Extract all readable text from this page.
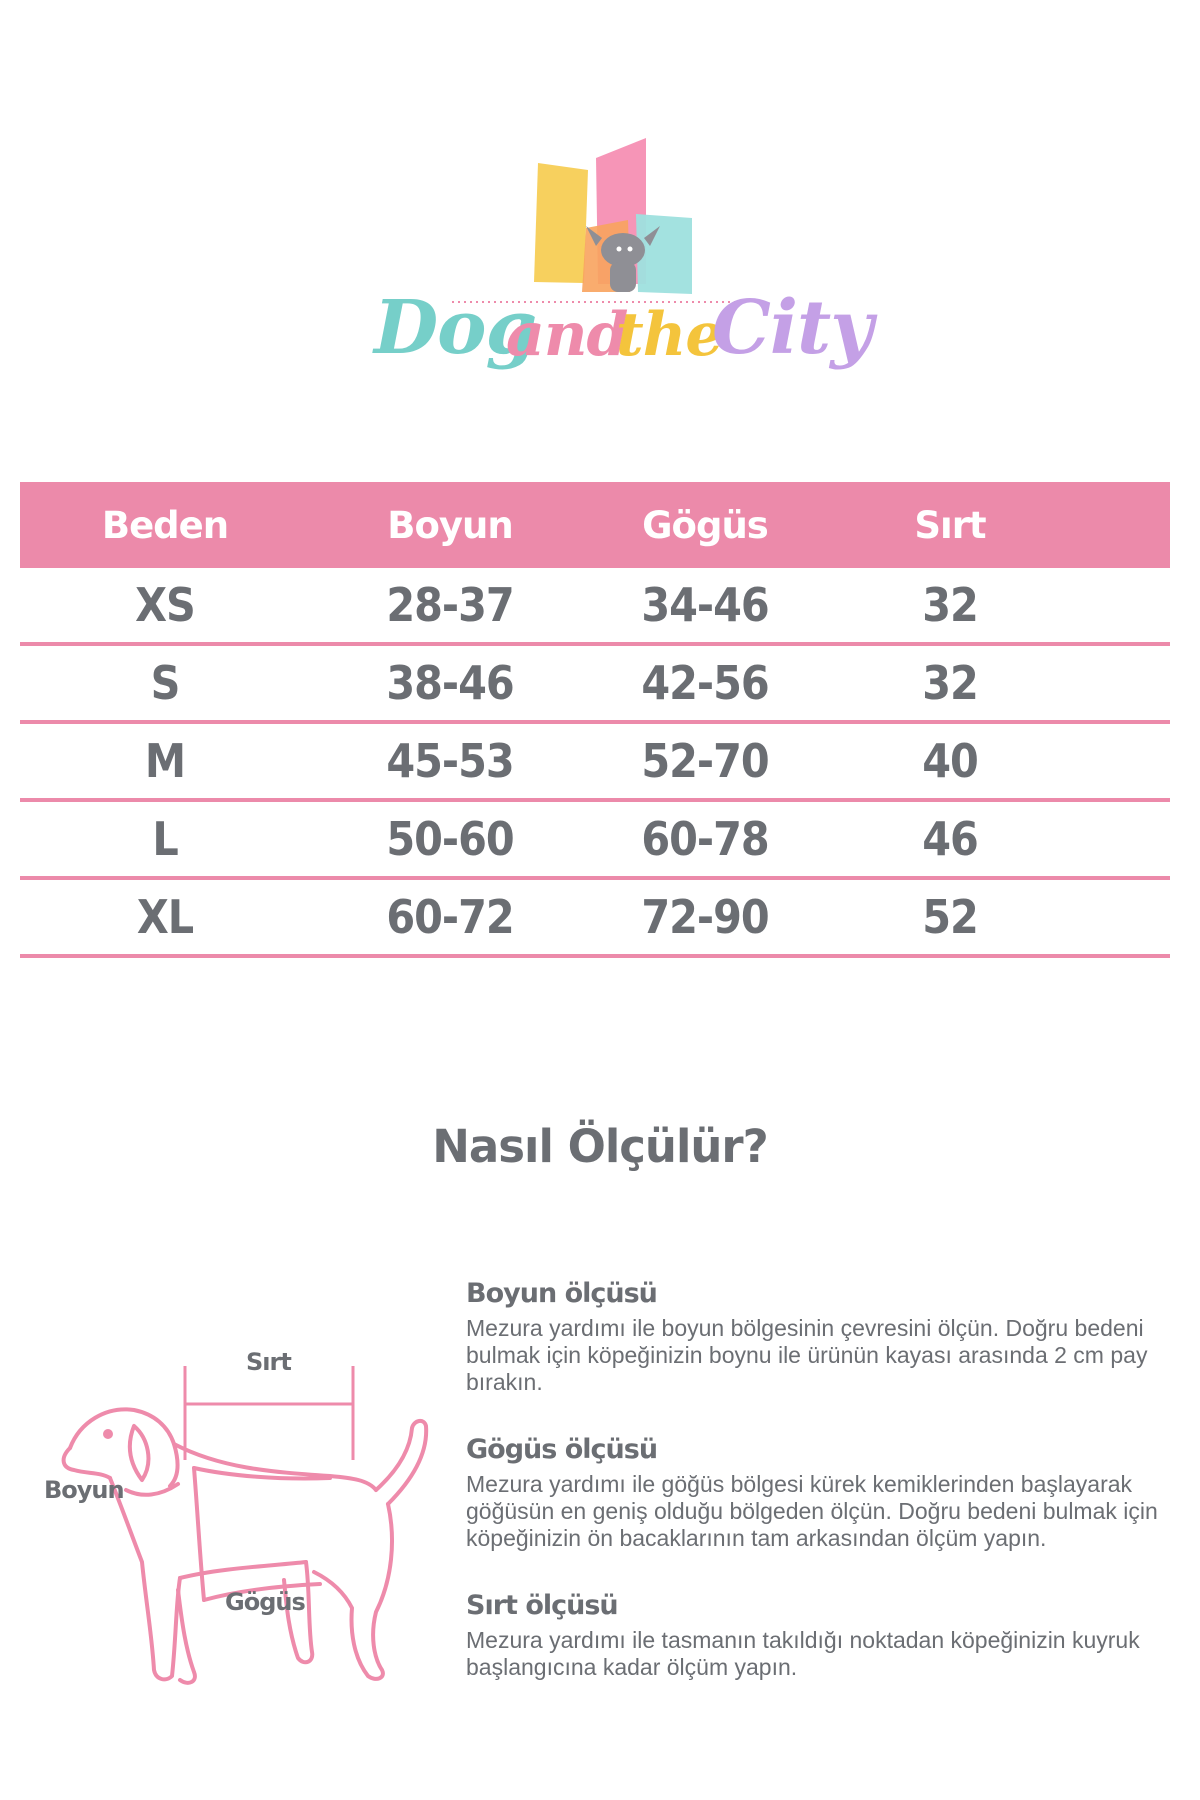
Dog
and
the
City
Beden	Boyun	Gögüs	Sırt
XS	28-37	34-46	32
S	38-46	42-56	32
M	45-53	52-70	40
L	50-60	60-78	46
XL	60-72	72-90	52
Nasıl Ölçülür?
Sırt
Boyun
Gögüs
Boyun ölçüsü

Mezura yardımı ile boyun bölgesinin çevresini ölçün. Doğru bedeni bulmak için köpeğinizin boynu ile ürünün kayası arasında 2 cm pay bırakın.

Gögüs ölçüsü

Mezura yardımı ile göğüs bölgesi kürek kemiklerinden başlayarak göğüsün en geniş olduğu bölgeden ölçün. Doğru bedeni bulmak için köpeğinizin ön bacaklarının tam arkasından ölçüm yapın.

Sırt ölçüsü

Mezura yardımı ile tasmanın takıldığı noktadan köpeğinizin kuyruk başlangıcına kadar ölçüm yapın.
